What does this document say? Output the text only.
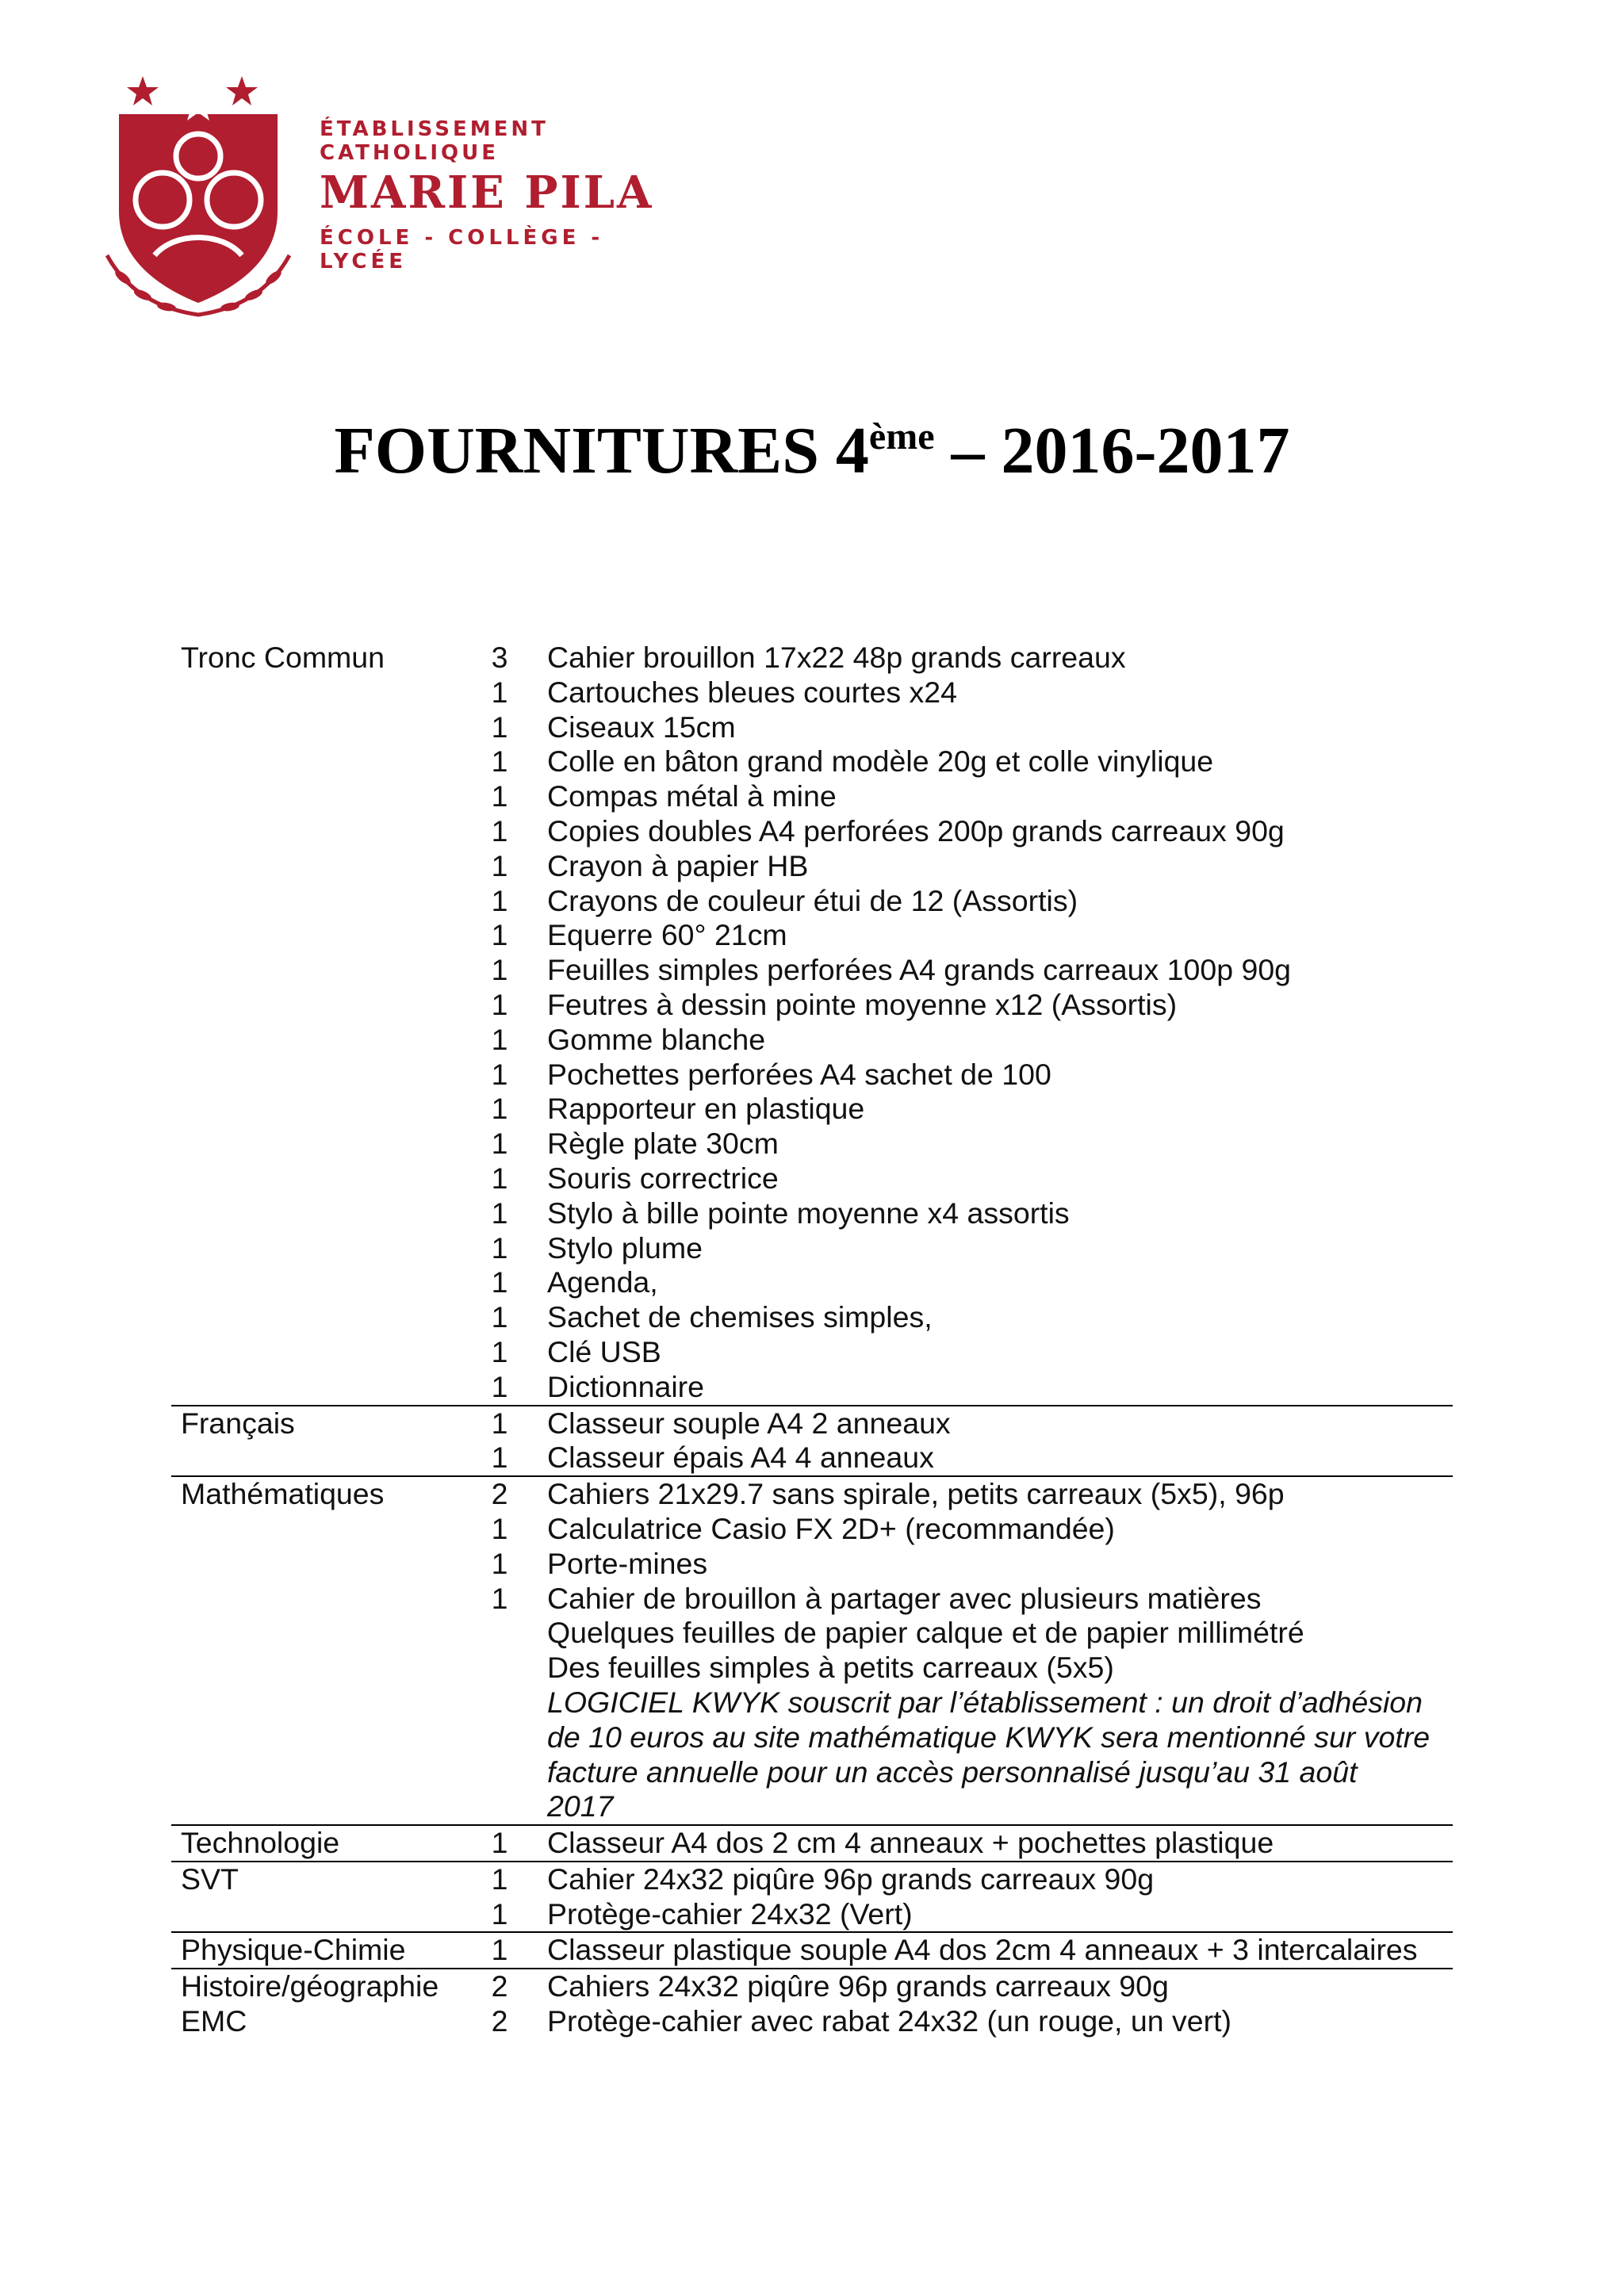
ÉTABLISSEMENT CATHOLIQUE
MARIE PILA
ÉCOLE - COLLÈGE - LYCÉE
FOURNITURES 4ème – 2016-2017
Tronc Commun	3	Cahier brouillon 17x22 48p grands carreaux
1	Cartouches bleues courtes x24
1	Ciseaux 15cm
1	Colle en bâton grand modèle 20g et colle vinylique
1	Compas métal à mine
1	Copies doubles A4 perforées 200p grands carreaux 90g
1	Crayon à papier HB
1	Crayons de couleur étui de 12 (Assortis)
1	Equerre 60° 21cm
1	Feuilles simples perforées A4 grands carreaux 100p 90g
1	Feutres à dessin pointe moyenne x12 (Assortis)
1	Gomme blanche
1	Pochettes perforées A4 sachet de 100
1	Rapporteur en plastique
1	Règle plate 30cm
1	Souris correctrice
1	Stylo à bille pointe moyenne x4 assortis
1	Stylo plume
1	Agenda,
1	Sachet de chemises simples,
1	Clé USB
1	Dictionnaire
Français	1	Classeur souple A4 2 anneaux
1	Classeur épais A4 4 anneaux
Mathématiques	2	Cahiers 21x29.7 sans spirale, petits carreaux (5x5), 96p
1	Calculatrice Casio FX 2D+ (recommandée)
1	Porte-mines
1	Cahier de brouillon à partager avec plusieurs matières
Quelques feuilles de papier calque et de papier millimétré
Des feuilles simples à petits carreaux (5x5)
LOGICIEL KWYK souscrit par l’établissement : un droit d’adhésion
de 10 euros au site mathématique KWYK sera mentionné sur votre
facture annuelle pour un accès personnalisé jusqu’au 31 août
2017
Technologie	1	Classeur A4 dos 2 cm 4 anneaux + pochettes plastique
SVT	1	Cahier 24x32 piqûre 96p grands carreaux 90g
1	Protège-cahier 24x32 (Vert)
Physique-Chimie	1	Classeur plastique souple A4 dos 2cm 4 anneaux + 3 intercalaires
Histoire/géographie	2	Cahiers 24x32 piqûre 96p grands carreaux 90g
EMC	2	Protège-cahier avec rabat 24x32 (un rouge, un vert)
